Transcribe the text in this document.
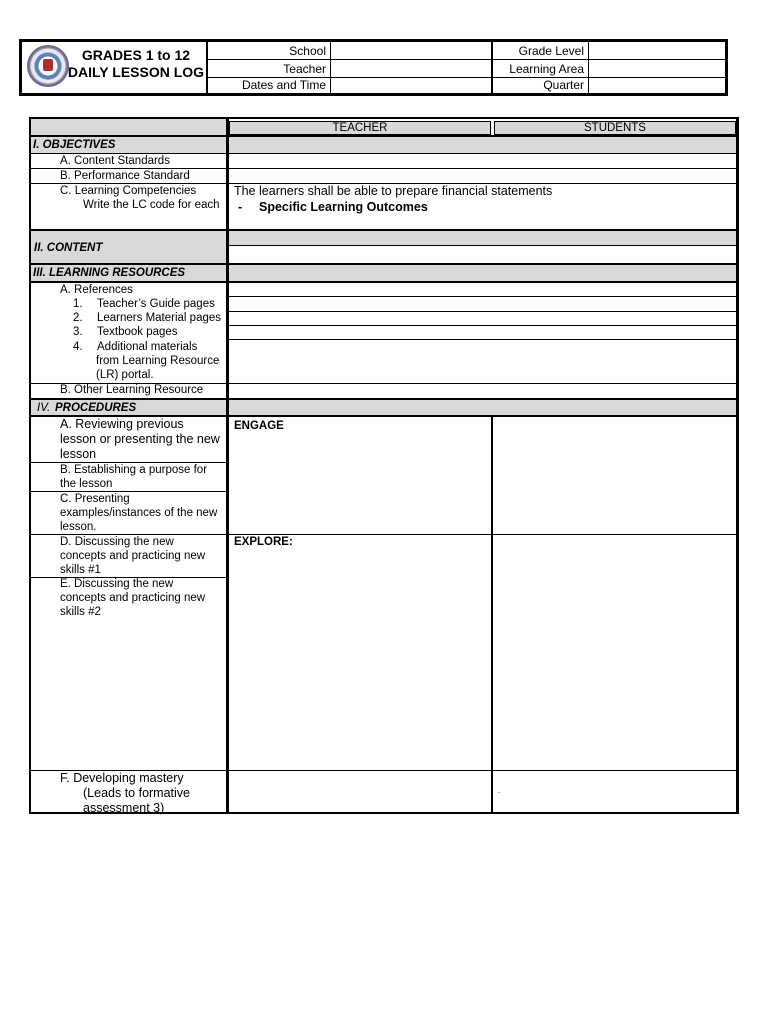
GRADES 1 to 12
DAILY LESSON LOG
School
Teacher
Dates and Time
Grade Level
Learning Area
Quarter
TEACHER	STUDENTS
I. OBJECTIVES
A. Content Standards
B. Performance Standard
C. Learning Competencies
Write the LC code for each
The learners shall be able to prepare financial statements
- Specific Learning Outcomes
II. CONTENT
III. LEARNING RESOURCES
A. References
1. Teacher’s Guide pages
2. Learners Material pages
3. Textbook pages
4. Additional materials
from Learning Resource
(LR) portal.
B. Other Learning Resource
IV. PROCEDURES
A. Reviewing previous
lesson or presenting the new
lesson
B. Establishing a purpose for
the lesson
C. Presenting
examples/instances of the new
lesson.
ENGAGE
D. Discussing the new
concepts and practicing new
skills #1
E. Discussing the new
concepts and practicing new
skills #2
EXPLORE:
F. Developing mastery
(Leads to formative
assessment 3)
.
